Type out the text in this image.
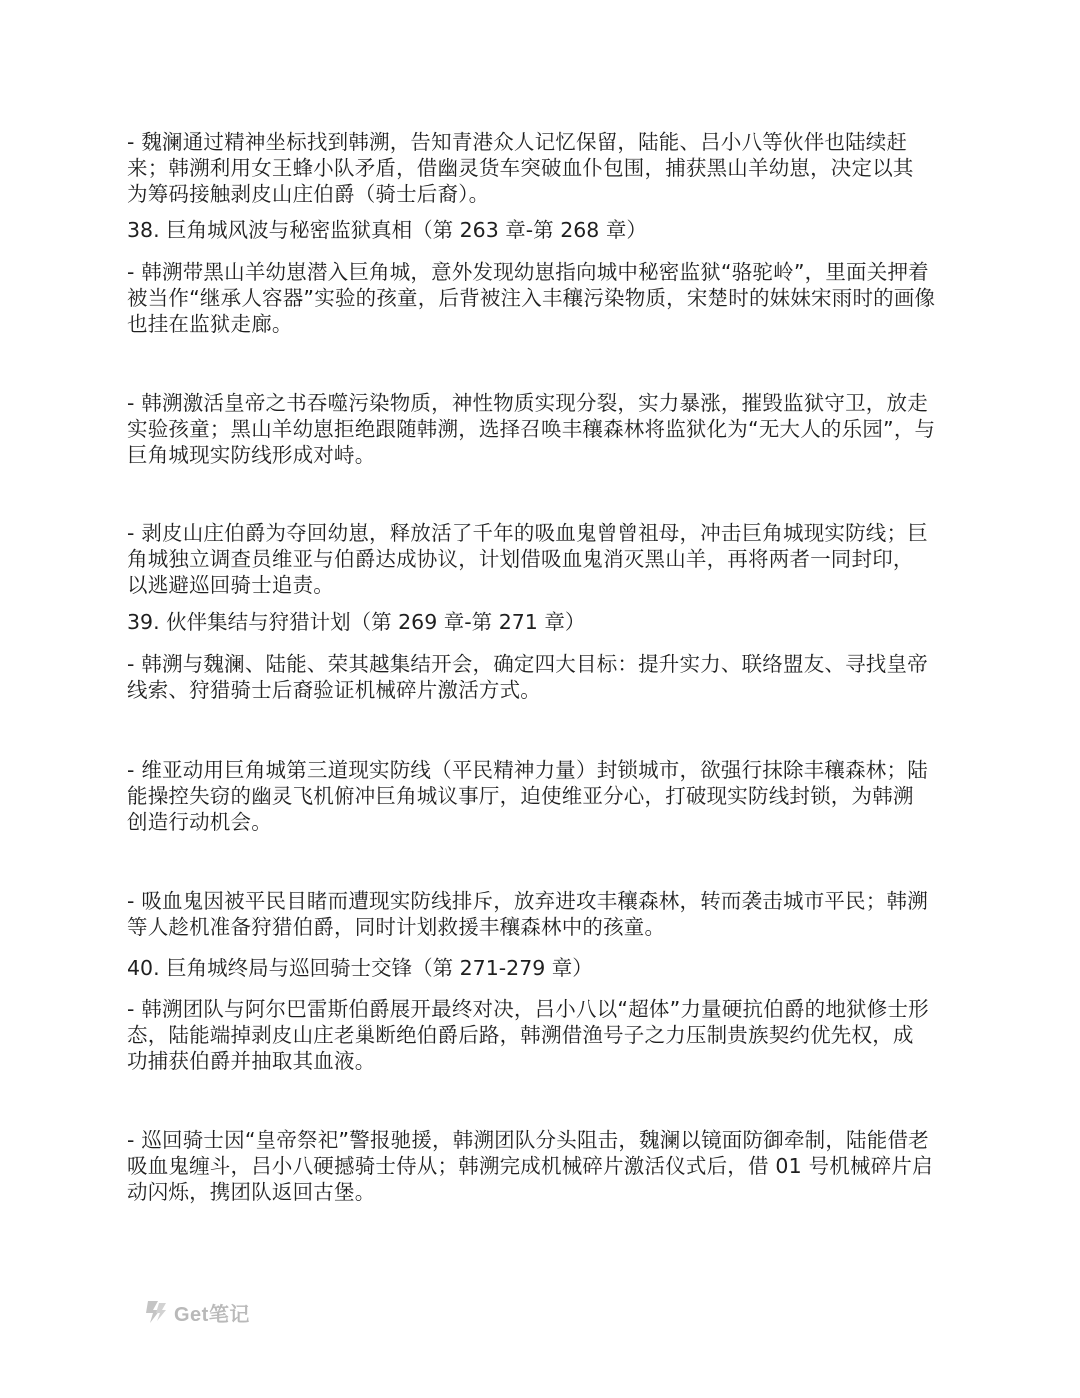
- 魏澜通过精神坐标找到韩溯，告知青港众人记忆保留，陆能、吕小八等伙伴也陆续赶
来；韩溯利用女王蜂小队矛盾，借幽灵货车突破血仆包围，捕获黑山羊幼崽，决定以其
为筹码接触剥皮山庄伯爵（骑士后裔）。

38. 巨角城风波与秘密监狱真相（第 263 章-第 268 章）

- 韩溯带黑山羊幼崽潜入巨角城，意外发现幼崽指向城中秘密监狱“骆驼岭”，里面关押着
被当作“继承人容器”实验的孩童，后背被注入丰穰污染物质，宋楚时的妹妹宋雨时的画像
也挂在监狱走廊。

- 韩溯激活皇帝之书吞噬污染物质，神性物质实现分裂，实力暴涨，摧毁监狱守卫，放走
实验孩童；黑山羊幼崽拒绝跟随韩溯，选择召唤丰穰森林将监狱化为“无大人的乐园”，与
巨角城现实防线形成对峙。

- 剥皮山庄伯爵为夺回幼崽，释放活了千年的吸血鬼曾曾祖母，冲击巨角城现实防线；巨
角城独立调查员维亚与伯爵达成协议，计划借吸血鬼消灭黑山羊，再将两者一同封印，
以逃避巡回骑士追责。

39. 伙伴集结与狩猎计划（第 269 章-第 271 章）

- 韩溯与魏澜、陆能、荣其越集结开会，确定四大目标：提升实力、联络盟友、寻找皇帝
线索、狩猎骑士后裔验证机械碎片激活方式。

- 维亚动用巨角城第三道现实防线（平民精神力量）封锁城市，欲强行抹除丰穰森林；陆
能操控失窃的幽灵飞机俯冲巨角城议事厅，迫使维亚分心，打破现实防线封锁，为韩溯
创造行动机会。

- 吸血鬼因被平民目睹而遭现实防线排斥，放弃进攻丰穰森林，转而袭击城市平民；韩溯
等人趁机准备狩猎伯爵，同时计划救援丰穰森林中的孩童。

40. 巨角城终局与巡回骑士交锋（第 271-279 章）

- 韩溯团队与阿尔巴雷斯伯爵展开最终对决，吕小八以“超体”力量硬抗伯爵的地狱修士形
态，陆能端掉剥皮山庄老巢断绝伯爵后路，韩溯借渔号子之力压制贵族契约优先权，成
功捕获伯爵并抽取其血液。

- 巡回骑士因“皇帝祭祀”警报驰援，韩溯团队分头阻击，魏澜以镜面防御牵制，陆能借老
吸血鬼缠斗，吕小八硬撼骑士侍从；韩溯完成机械碎片激活仪式后，借 01 号机械碎片启
动闪烁，携团队返回古堡。

Get笔记
